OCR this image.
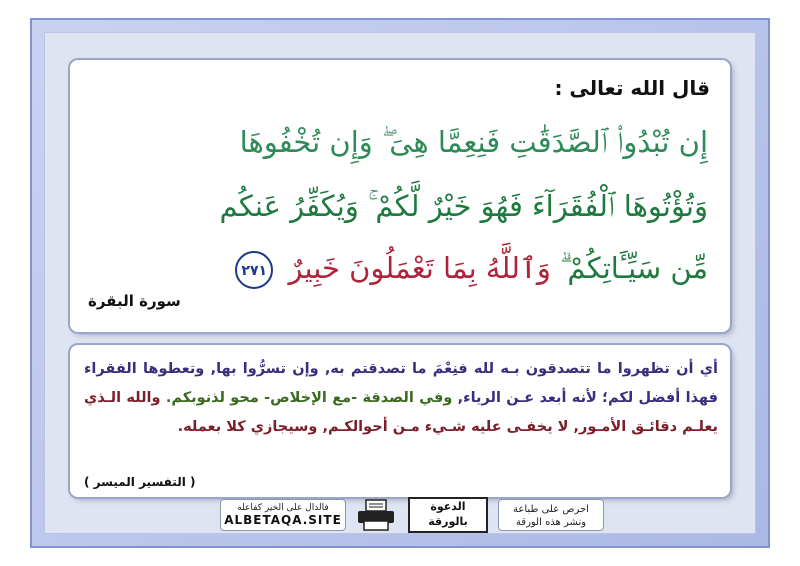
قال الله تعالى :
إِن تُبْدُوا۟ ٱلصَّدَقَٰتِ فَنِعِمَّا هِىَ ۖ وَإِن تُخْفُوهَا
وَتُؤْتُوهَا ٱلْفُقَرَآءَ فَهُوَ خَيْرٌ لَّكُمْ ۚ وَيُكَفِّرُ عَنكُم
مِّن سَيِّـَٔاتِكُمْ ۗ وَٱللَّهُ بِمَا تَعْمَلُونَ خَبِيرٌ ٢٧١
سورة البقرة
أي أن تظهروا ما تتصدقون بـه لله فنِعْمَ ما تصدقتم به, وإن تسرُّوا بها, وتعطوها الفقراء فهذا أفضل لكم؛ لأنه أبعد عـن الرياء, وفي الصدقة -مع الإخلاص- محو لذنوبكم. والله الـذي يعلـم دقائـق الأمـور, لا يخفـى عليه شـيء مـن أحوالكـم, وسيجازي كلا بعمله.
( التفسير الميسر )
فالدال على الخير كفاعله
ALBETAQA.SITE
الدعوة
بالورقة
احرص على طباعة
ونشر هذه الورقة
